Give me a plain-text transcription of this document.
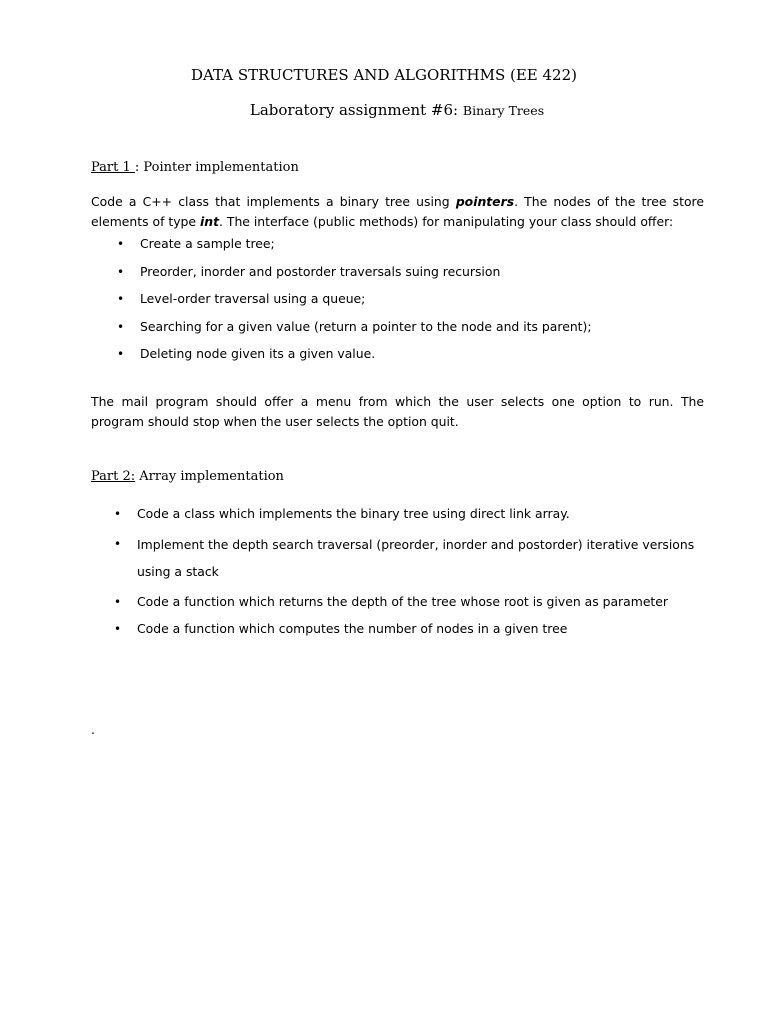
DATA STRUCTURES AND ALGORITHMS (EE 422)
Laboratory assignment #6: Binary Trees
Part 1 : Pointer implementation

Code a C++ class that implements a binary tree using pointers. The nodes of the tree store elements of type int. The interface (public methods) for manipulating your class should offer:

• Create a sample tree;
• Preorder, inorder and postorder traversals suing recursion
• Level-order traversal using a queue;
• Searching for a given value (return a pointer to the node and its parent);
• Deleting node given its a given value.

The mail program should offer a menu from which the user selects one option to run. The program should stop when the user selects the option quit.

Part 2: Array implementation
• Code a class which implements the binary tree using direct link array.
• Implement the depth search traversal (preorder, inorder and postorder) iterative versions using a stack
• Code a function which returns the depth of the tree whose root is given as parameter
• Code a function which computes the number of nodes in a given tree

.
